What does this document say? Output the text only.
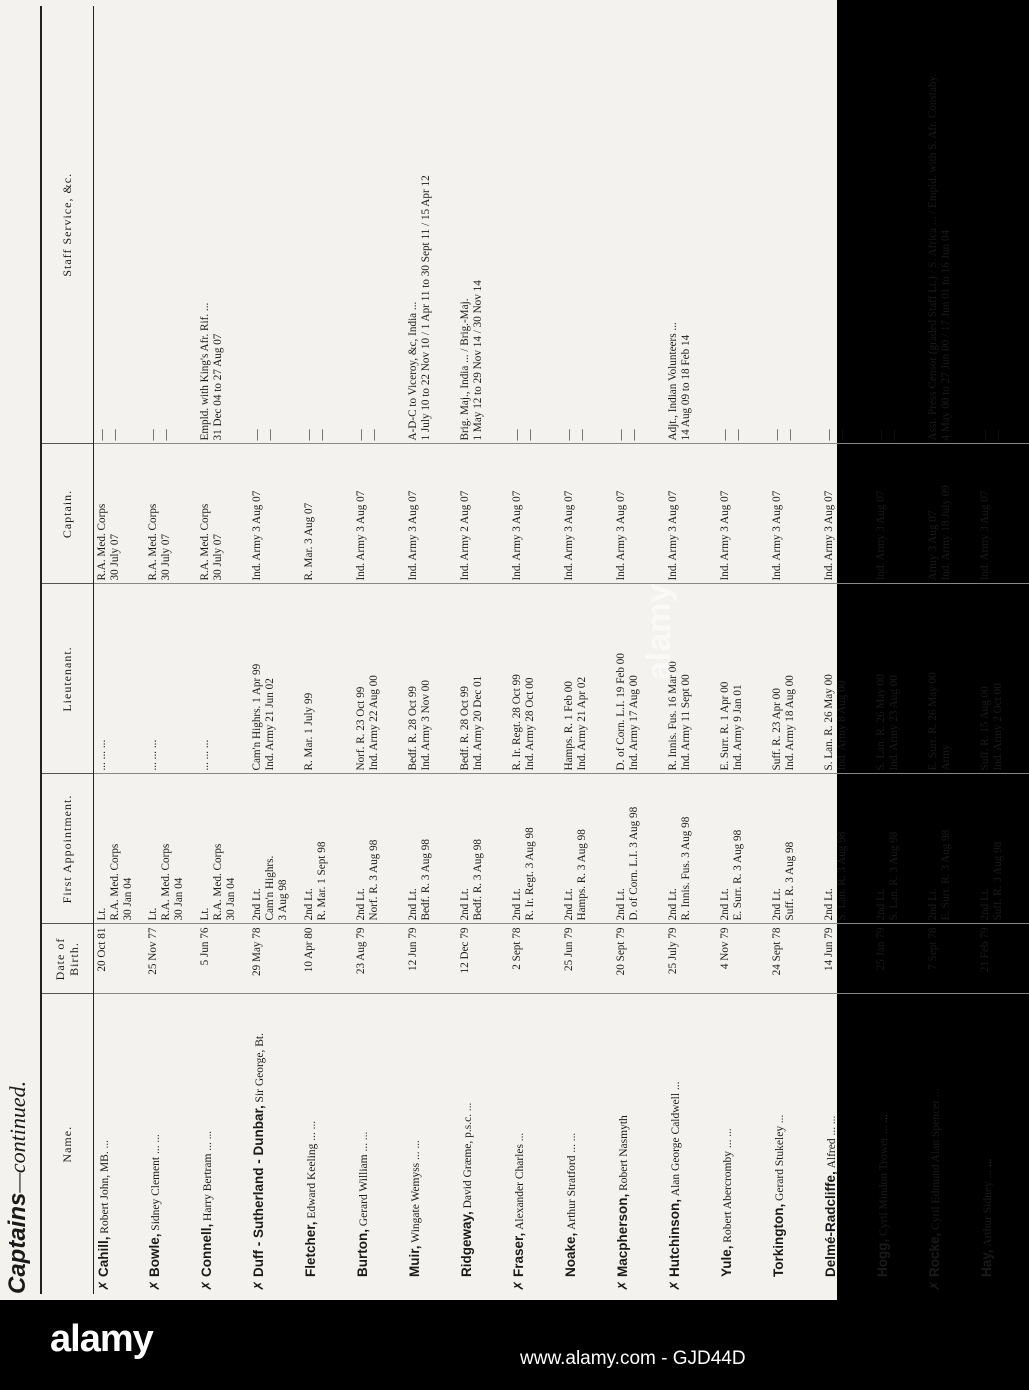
Captains—continued.	Name.	Date of Birth.	First Appointment.	Lieutenant.	Captain.	Staff Service, &c.
✗Cahill, Robert John, MB. ...	20 Oct 81	Lt. R.A. Med. Corps 30 Jan 04	... ... ...	R.A. Med. Corps 30 July 07	— —

✗Bowle, Sidney Clement ... ...	25 Nov 77	Lt. R.A. Med. Corps 30 Jan 04	... ... ...	R.A. Med. Corps 30 July 07	— —

✗Connell, Harry Bertram ... ...	5 Jun 76	Lt. R.A. Med. Corps 30 Jan 04	... ... ...	R.A. Med. Corps 30 July 07	Empld. with King's Afr. Rif. ... 31 Dec 04 to 27 Aug 07

✗Duff - Sutherland - Dunbar, Sir George, Bt.	29 May 78	2nd Lt. Cam'n Highrs. 3 Aug 98	Cam'n Highrs. 1 Apr 99 Ind. Army 21 Jun 02	Ind. Army 3 Aug 07	— —

Fletcher, Edward Keeling ... ...	10 Apr 80	2nd Lt. R. Mar. 1 Sept 98	R. Mar. 1 July 99	R. Mar. 3 Aug 07	— —

Burton, Gerard William ... ...	23 Aug 79	2nd Lt. Norf. R. 3 Aug 98	Norf. R. 23 Oct 99 Ind. Army 22 Aug 00	Ind. Army 3 Aug 07	— —

Muir, Wingate Wemyss ... ...	12 Jun 79	2nd Lt. Bedf. R. 3 Aug 98	Bedf. R. 28 Oct 99 Ind. Army 3 Nov 00	Ind. Army 3 Aug 07	A-D-C to Viceroy, &c, India ... 1 July 10 to 22 Nov 10 / 1 Apr 11 to 30 Sept 11 / 15 Apr 12

Ridgeway, David Græme, p.s.c. ...	12 Dec 79	2nd Lt. Bedf. R. 3 Aug 98	Bedf. R. 28 Oct 99 Ind. Army 20 Dec 01	Ind. Army 2 Aug 07	Brig. Maj., India ... / Brig.-Maj. 1 May 12 to 29 Nov 14 / 30 Nov 14

✗Fraser, Alexander Charles ...	2 Sept 78	2nd Lt. R. Ir. Regt. 3 Aug 98	R. Ir. Regt. 28 Oct 99 Ind. Army 28 Oct 00	Ind. Army 3 Aug 07	— —

Noake, Arthur Stratford ... ...	25 Jun 79	2nd Lt. Hamps. R. 3 Aug 98	Hamps. R. 1 Feb 00 Ind. Army 21 Apr 02	Ind. Army 3 Aug 07	— —

✗Macpherson, Robert Nasmyth	20 Sept 79	2nd Lt. D. of Corn. L.I. 3 Aug 98	D. of Corn. L.I. 19 Feb 00 Ind. Army 17 Aug 00	Ind. Army 3 Aug 07	— —

✗Hutchinson, Alan George Caldwell ...	25 July 79	2nd Lt. R. Innis. Fus. 3 Aug 98	R. Innis. Fus. 16 Mar 00 Ind. Army 11 Sept 00	Ind. Army 3 Aug 07	Adjt., Indian Volunteers ... 14 Aug 09 to 18 Feb 14

Yule, Robert Abercromby ... ...	4 Nov 79	2nd Lt. E. Surr. R. 3 Aug 98	E. Surr. R. 1 Apr 00 Ind. Army 9 Jan 01	Ind. Army 3 Aug 07	— —

Torkington, Gerard Stukeley ...	24 Sept 78	2nd Lt. Suff. R. 3 Aug 98	Suff. R. 23 Apr 00 Ind. Army 18 Aug 00	Ind. Army 3 Aug 07	— —

Delmé-Radcliffe, Alfred ... ...	14 Jun 79	2nd Lt. S. Lan. R. 3 Aug 98	S. Lan. R. 26 May 00 Ind. Army 8 Aug 00	Ind. Army 3 Aug 07	— —

Hogg, Cyril Mindon Trower ... ...	25 Jan 79	2nd Lt. S. Lan. R. 3 Aug 98	S. Lan. R. 26 May 00 Ind. Army 23 Aug 00	Ind. Army 3 Aug 07	— —

✗Rocke, Cyril Edmund Alan Spencer ...	7 Sept 78	2nd Lt. E. Surr. R. 3 Aug 98	E. Surr. R. 26 May 00 Army	Army 3 Aug 07 Ind. Army 18 July 09	Asst. Press Censor (graded Staff Lt.) / S. Africa ... / Empld. with S. Afr. Constaby. 4 May 00 to 27 Jun 00 / 17 Jun 01 to 16 Jun 04

Hay, Arthur Sidney ... ...	21 Feb 79	2nd Lt. Suff. R. 3 Aug 98	Suff. R. 15 Aug 00 Ind. Army 2 Oct 00	Ind. Army 3 Aug 07	— —
alamy
alamy	www.alamy.com - GJD44D
